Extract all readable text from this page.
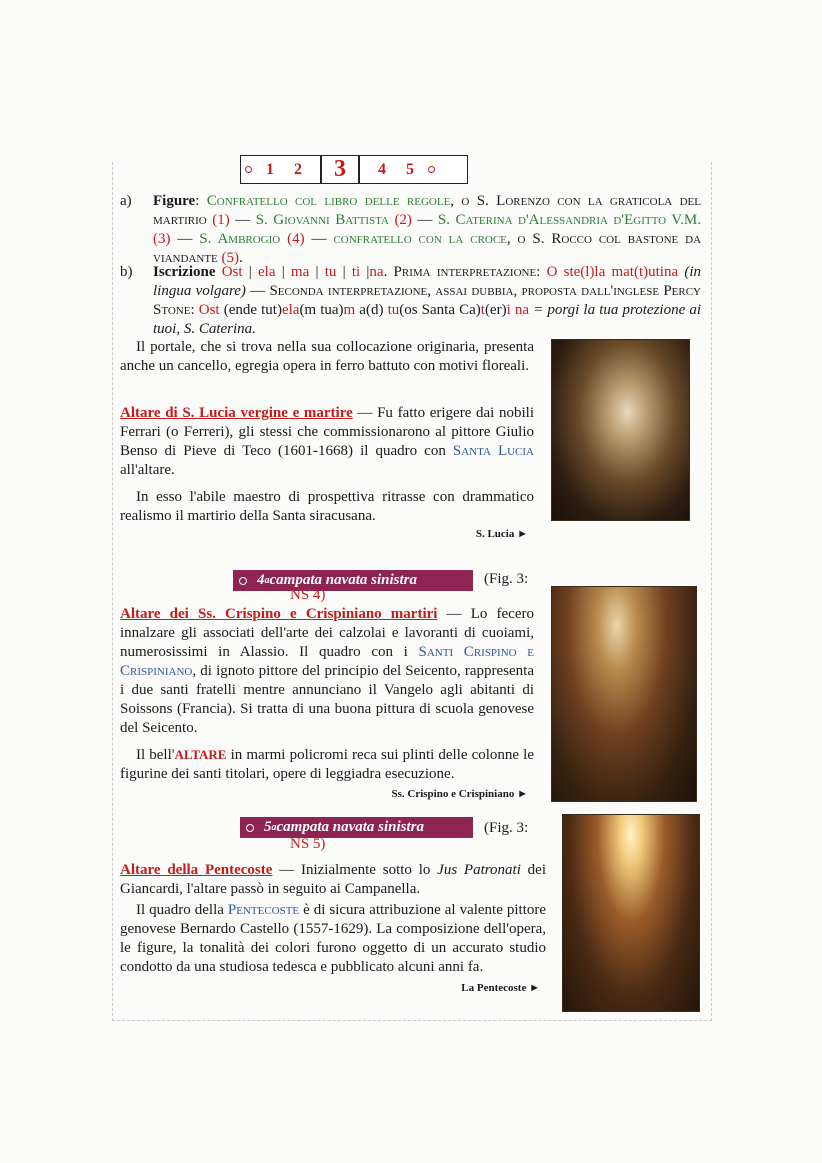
1	2	3	4	5
a)	Figure: Confratello col libro delle regole, o S. Lorenzo con la graticola del martirio (1) — S. Giovanni Battista (2) — S. Caterina d'Alessandria d'Egitto V.M. (3) — S. Ambrogio (4) — confratello con la croce, o S. Rocco col bastone da viandante (5).
b)	Iscrizione Ost | ela | ma | tu | ti |na. Prima interpretazione: O ste(l)la mat(t)utina (in lingua volgare) — Seconda interpretazione, assai dubbia, proposta dall'inglese Percy Stone: Ost (ende tut)ela(m tua)m a(d) tu(os Santa Ca)t(er)i na = porgi la tua protezione ai tuoi, S. Caterina.
Il portale, che si trova nella sua collocazione originaria, presenta anche un cancello, egregia opera in ferro battuto con motivi floreali.
Altare di S. Lucia vergine e martire — Fu fatto erigere dai nobili Ferrari (o Ferreri), gli stessi che commissionarono al pittore Giulio Benso di Pieve di Teco (1601-1668) il quadro con Santa Lucia all'altare.
In esso l'abile maestro di prospettiva ritrasse con drammatico realismo il martirio della Santa siracusana.
S. Lucia ►
4 a campata navata sinistra	(Fig. 3:
NS 4)
Altare dei Ss. Crispino e Crispiniano martiri — Lo fecero innalzare gli associati dell'arte dei calzolai e lavoranti di cuoiami, numerosissimi in Alassio. Il quadro con i Santi Crispino e Crispiniano, di ignoto pittore del principio del Seicento, rappresenta i due santi fratelli mentre annunciano il Vangelo agli abitanti di Soissons (Francia). Si tratta di una buona pittura di scuola genovese del Seicento.
Il bell'ALTARE in marmi policromi reca sui plinti delle colonne le figurine dei santi titolari, opere di leggiadra esecuzione.
Ss. Crispino e Crispiniano ►
5 a campata navata sinistra	(Fig. 3:
NS 5)
Altare della Pentecoste — Inizialmente sotto lo Jus Patronati dei Giancardi, l'altare passò in seguito ai Campanella.
Il quadro della Pentecoste è di sicura attribuzione al valente pittore genovese Bernardo Castello (1557-1629). La composizione dell'opera, le figure, la tonalità dei colori furono oggetto di un accurato studio condotto da una studiosa tedesca e pubblicato alcuni anni fa.
La Pentecoste ►
